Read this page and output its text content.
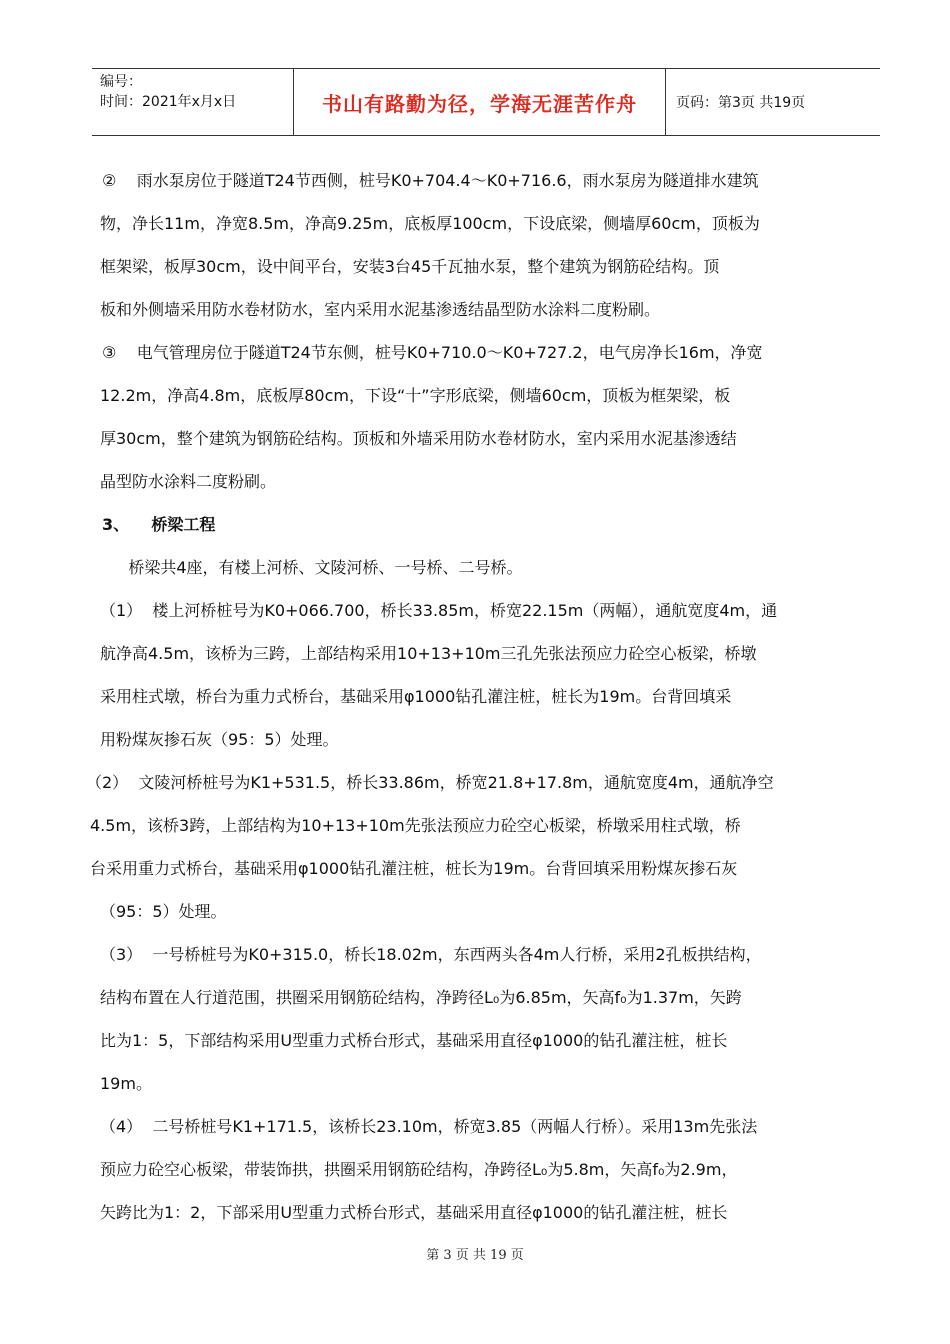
编号：
时间：2021年x月x日	书山有路勤为径，学海无涯苦作舟	页码：第3页 共19页
②    雨水泵房位于隧道T24节西侧，桩号K0+704.4～K0+716.6，雨水泵房为隧道排水建筑
物，净长11m，净宽8.5m，净高9.25m，底板厚100cm，下设底梁，侧墙厚60cm，顶板为
框架梁，板厚30cm，设中间平台，安装3台45千瓦抽水泵，整个建筑为钢筋砼结构。顶
板和外侧墙采用防水卷材防水，室内采用水泥基渗透结晶型防水涂料二度粉刷。
③    电气管理房位于隧道T24节东侧，桩号K0+710.0～K0+727.2，电气房净长16m，净宽
12.2m，净高4.8m，底板厚80cm，下设“十”字形底梁，侧墙60cm，顶板为框架梁，板
厚30cm，整个建筑为钢筋砼结构。顶板和外墙采用防水卷材防水，室内采用水泥基渗透结
晶型防水涂料二度粉刷。
3、    桥梁工程
桥梁共4座，有楼上河桥、文陵河桥、一号桥、二号桥。
（1）  楼上河桥桩号为K0+066.700，桥长33.85m，桥宽22.15m（两幅），通航宽度4m，通
航净高4.5m，该桥为三跨，上部结构采用10+13+10m三孔先张法预应力砼空心板梁，桥墩
采用柱式墩，桥台为重力式桥台，基础采用φ1000钻孔灌注桩，桩长为19m。台背回填采
用粉煤灰掺石灰（95：5）处理。
（2）  文陵河桥桩号为K1+531.5，桥长33.86m，桥宽21.8+17.8m，通航宽度4m，通航净空
4.5m，该桥3跨，上部结构为10+13+10m先张法预应力砼空心板梁，桥墩采用柱式墩，桥
台采用重力式桥台，基础采用φ1000钻孔灌注桩，桩长为19m。台背回填采用粉煤灰掺石灰
（95：5）处理。
（3）  一号桥桩号为K0+315.0，桥长18.02m，东西两头各4m人行桥，采用2孔板拱结构，
结构布置在人行道范围，拱圈采用钢筋砼结构，净跨径L₀为6.85m，矢高f₀为1.37m，矢跨
比为1：5，下部结构采用U型重力式桥台形式，基础采用直径φ1000的钻孔灌注桩，桩长
19m。
（4）  二号桥桩号K1+171.5，该桥长23.10m，桥宽3.85（两幅人行桥）。采用13m先张法
预应力砼空心板梁，带装饰拱，拱圈采用钢筋砼结构，净跨径L₀为5.8m，矢高f₀为2.9m，
矢跨比为1：2，下部采用U型重力式桥台形式，基础采用直径φ1000的钻孔灌注桩，桩长
第 3 页 共 19 页
